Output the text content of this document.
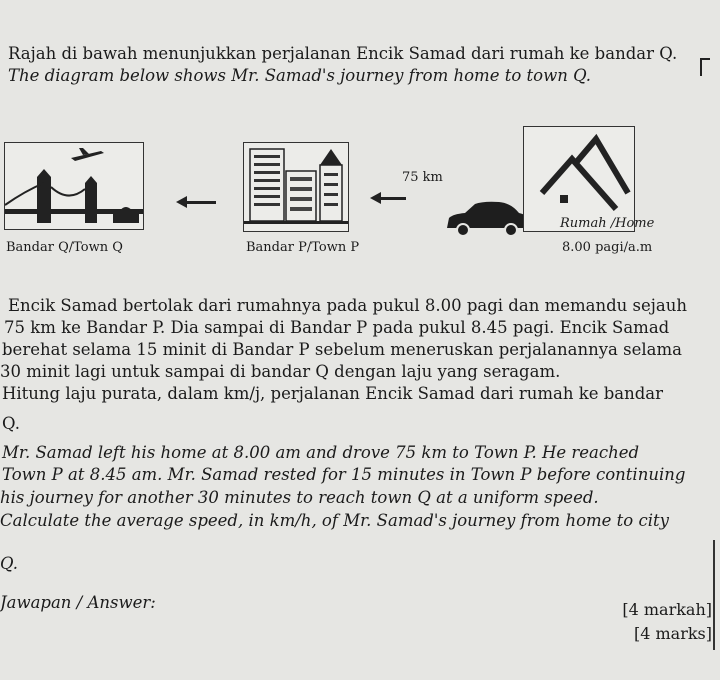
Rajah di bawah menunjukkan perjalanan Encik Samad dari rumah ke bandar Q.
The diagram below shows Mr. Samad's journey from home to town Q.
Bandar Q/Town Q	Bandar P/Town P
75 km
Rumah /Home
8.00 pagi/a.m
Encik Samad bertolak dari rumahnya pada pukul 8.00 pagi dan memandu sejauh
75 km ke Bandar P. Dia sampai di Bandar P pada pukul 8.45 pagi. Encik Samad
berehat selama 15 minit di Bandar P sebelum meneruskan perjalanannya selama
30 minit lagi untuk sampai di bandar Q dengan laju yang seragam.
Hitung laju purata, dalam km/j, perjalanan Encik Samad dari rumah ke bandar
Q.
Mr. Samad left his home at 8.00 am and drove 75 km to Town P. He reached
Town P at 8.45 am. Mr. Samad rested for 15 minutes in Town P before continuing
his journey for another 30 minutes to reach town Q at a uniform speed.
Calculate the average speed, in km/h, of Mr. Samad's journey from home to city
Q.
Jawapan / Answer:	[4 markah]
[4 marks]
